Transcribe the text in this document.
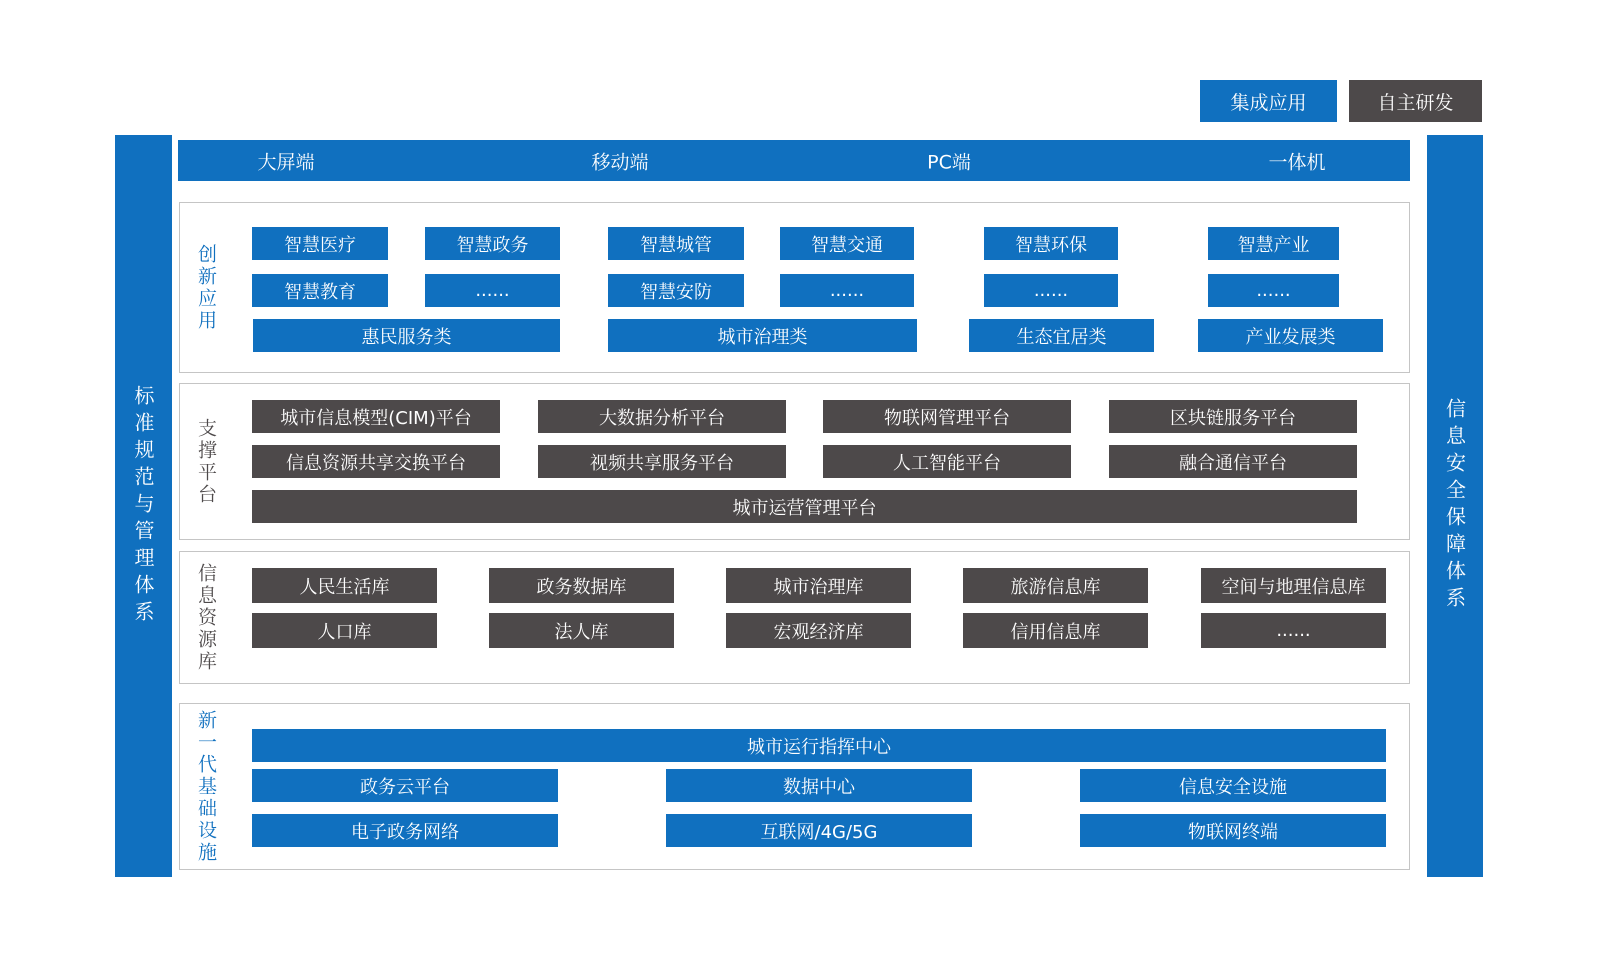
集成应用	自主研发
标准规范与管理体系	信息安全保障体系
大屏端	移动端	PC端	一体机
创新应用	智慧医疗	智慧政务	智慧城管	智慧交通	智慧环保	智慧产业
智慧教育	......	智慧安防	......	......	......
惠民服务类	城市治理类	生态宜居类	产业发展类
支撑平台	城市信息模型(CIM)平台	大数据分析平台	物联网管理平台	区块链服务平台
信息资源共享交换平台	视频共享服务平台	人工智能平台	融合通信平台
城市运营管理平台
信息资源库	人民生活库	政务数据库	城市治理库	旅游信息库	空间与地理信息库
人口库	法人库	宏观经济库	信用信息库	......
新一代基础设施	城市运行指挥中心
政务云平台	数据中心	信息安全设施
电子政务网络	互联网/4G/5G	物联网终端
